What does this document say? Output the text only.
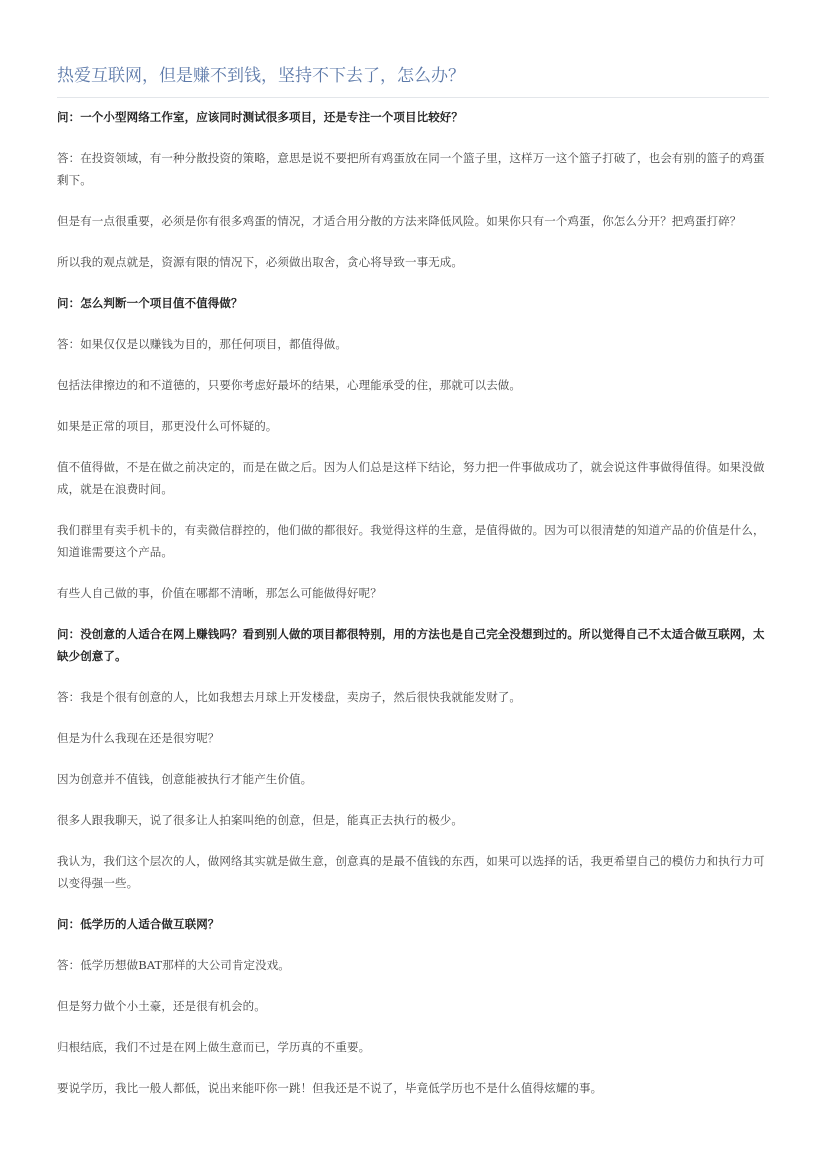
热爱互联网，但是赚不到钱，坚持不下去了，怎么办？

问：一个小型网络工作室，应该同时测试很多项目，还是专注一个项目比较好？

答：在投资领域，有一种分散投资的策略，意思是说不要把所有鸡蛋放在同一个篮子里，这样万一这个篮子打破了，也会有别的篮子的鸡蛋剩下。

但是有一点很重要，必须是你有很多鸡蛋的情况，才适合用分散的方法来降低风险。如果你只有一个鸡蛋，你怎么分开？把鸡蛋打碎？

所以我的观点就是，资源有限的情况下，必须做出取舍，贪心将导致一事无成。

问：怎么判断一个项目值不值得做？

答：如果仅仅是以赚钱为目的，那任何项目，都值得做。

包括法律擦边的和不道德的，只要你考虑好最坏的结果，心理能承受的住，那就可以去做。

如果是正常的项目，那更没什么可怀疑的。

值不值得做，不是在做之前决定的，而是在做之后。因为人们总是这样下结论，努力把一件事做成功了，就会说这件事做得值得。如果没做成，就是在浪费时间。

我们群里有卖手机卡的，有卖微信群控的，他们做的都很好。我觉得这样的生意，是值得做的。因为可以很清楚的知道产品的价值是什么，知道谁需要这个产品。

有些人自己做的事，价值在哪都不清晰，那怎么可能做得好呢？

问：没创意的人适合在网上赚钱吗？看到别人做的项目都很特别，用的方法也是自己完全没想到过的。所以觉得自己不太适合做互联网，太缺少创意了。

答：我是个很有创意的人，比如我想去月球上开发楼盘，卖房子，然后很快我就能发财了。

但是为什么我现在还是很穷呢？

因为创意并不值钱，创意能被执行才能产生价值。

很多人跟我聊天，说了很多让人拍案叫绝的创意，但是，能真正去执行的极少。

我认为，我们这个层次的人，做网络其实就是做生意，创意真的是最不值钱的东西，如果可以选择的话，我更希望自己的模仿力和执行力可以变得强一些。

问：低学历的人适合做互联网？

答：低学历想做BAT那样的大公司肯定没戏。

但是努力做个小土豪，还是很有机会的。

归根结底，我们不过是在网上做生意而已，学历真的不重要。

要说学历，我比一般人都低，说出来能吓你一跳！但我还是不说了，毕竟低学历也不是什么值得炫耀的事。
